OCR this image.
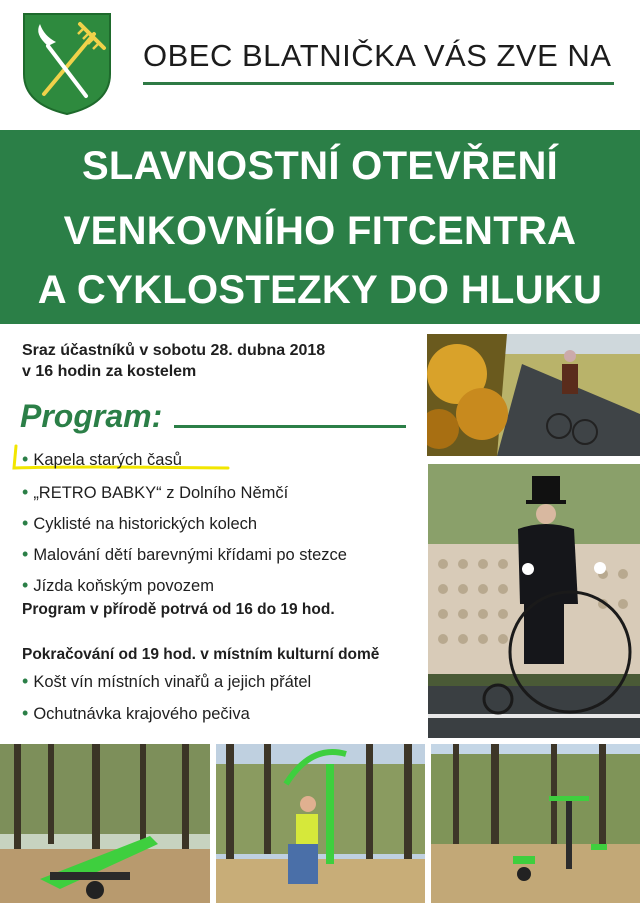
OBEC BLATNIČKA VÁS ZVE NA
SLAVNOSTNÍ OTEVŘENÍ
VENKOVNÍHO FITCENTRA
A CYKLOSTEZKY DO HLUKU
Sraz účastníků v sobotu 28. dubna 2018
v 16 hodin za kostelem
Program:
• Kapela starých časů
• „RETRO BABKY“ z Dolního Němčí
• Cyklisté na historických kolech
• Malování dětí barevnými křídami po stezce
• Jízda koňským povozem
Program v přírodě potrvá od 16 do 19 hod.
Pokračování od 19 hod. v místním kulturní domě
• Košt vín místních vinařů a jejich přátel
• Ochutnávka krajového pečiva
